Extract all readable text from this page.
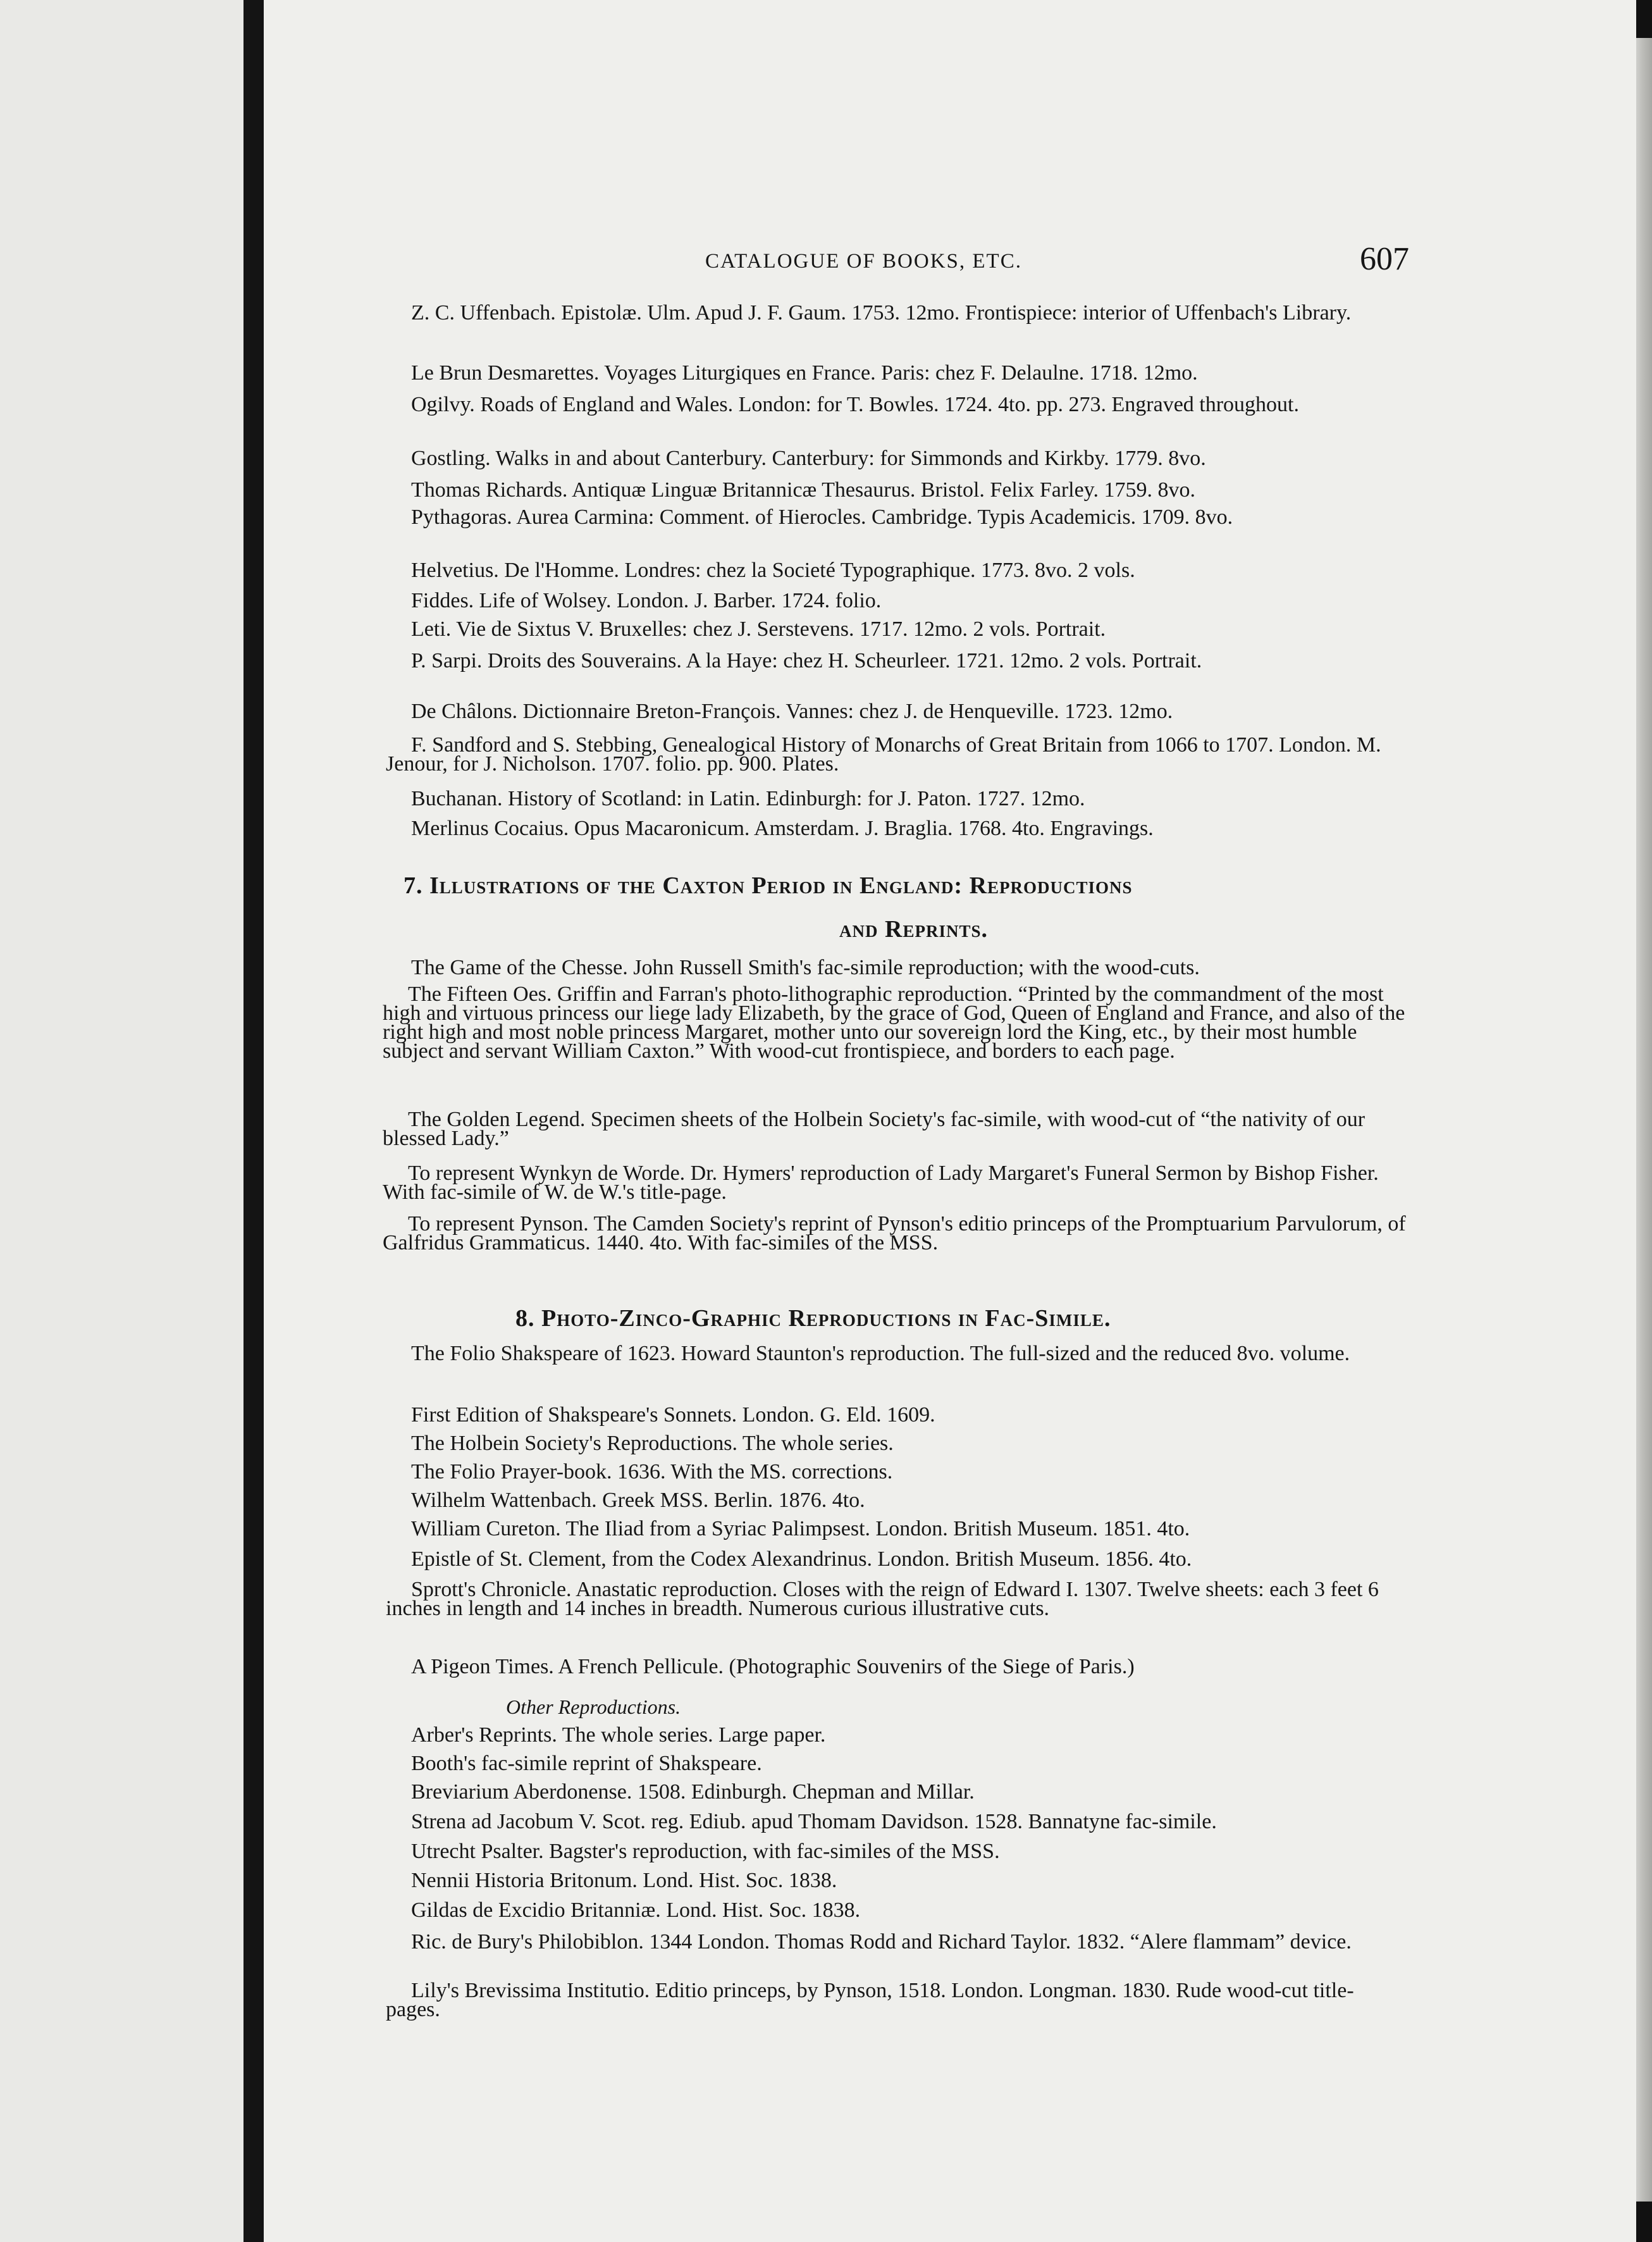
CATALOGUE OF BOOKS, ETC.	607
Z. C. Uffenbach. Epistolæ. Ulm. Apud J. F. Gaum. 1753. 12mo. Frontispiece: interior of Uffenbach's Library.
Le Brun Desmarettes. Voyages Liturgiques en France. Paris: chez F. Delaulne. 1718. 12mo.
Ogilvy. Roads of England and Wales. London: for T. Bowles. 1724. 4to. pp. 273. Engraved throughout.
Gostling. Walks in and about Canterbury. Canterbury: for Simmonds and Kirkby. 1779. 8vo.
Thomas Richards. Antiquæ Linguæ Britannicæ Thesaurus. Bristol. Felix Farley. 1759. 8vo.
Pythagoras. Aurea Carmina: Comment. of Hierocles. Cambridge. Typis Academicis. 1709. 8vo.
Helvetius. De l'Homme. Londres: chez la Societé Typographique. 1773. 8vo. 2 vols.
Fiddes. Life of Wolsey. London. J. Barber. 1724. folio.
Leti. Vie de Sixtus V. Bruxelles: chez J. Serstevens. 1717. 12mo. 2 vols. Portrait.
P. Sarpi. Droits des Souverains. A la Haye: chez H. Scheurleer. 1721. 12mo. 2 vols. Portrait.
De Châlons. Dictionnaire Breton-François. Vannes: chez J. de Henqueville. 1723. 12mo.
F. Sandford and S. Stebbing, Genealogical History of Monarchs of Great Britain from 1066 to 1707. London. M. Jenour, for J. Nicholson. 1707. folio. pp. 900. Plates.
Buchanan. History of Scotland: in Latin. Edinburgh: for J. Paton. 1727. 12mo.
Merlinus Cocaius. Opus Macaronicum. Amsterdam. J. Braglia. 1768. 4to. Engravings.
7. Illustrations of the Caxton Period in England: Reproductions
and Reprints.
The Game of the Chesse. John Russell Smith's fac-simile reproduction; with the wood-cuts.
The Fifteen Oes. Griffin and Farran's photo-lithographic reproduction. “Printed by the commandment of the most high and virtuous princess our liege lady Elizabeth, by the grace of God, Queen of England and France, and also of the right high and most noble princess Margaret, mother unto our sovereign lord the King, etc., by their most humble subject and servant William Caxton.” With wood-cut frontispiece, and borders to each page.
The Golden Legend. Specimen sheets of the Holbein Society's fac-simile, with wood-cut of “the nativity of our blessed Lady.”
To represent Wynkyn de Worde. Dr. Hymers' reproduction of Lady Margaret's Funeral Sermon by Bishop Fisher. With fac-simile of W. de W.'s title-page.
To represent Pynson. The Camden Society's reprint of Pynson's editio princeps of the Promptuarium Parvulorum, of Galfridus Grammaticus. 1440. 4to. With fac-similes of the MSS.
8. Photo-Zinco-Graphic Reproductions in Fac-Simile.
The Folio Shakspeare of 1623. Howard Staunton's reproduction. The full-sized and the reduced 8vo. volume.
First Edition of Shakspeare's Sonnets. London. G. Eld. 1609.
The Holbein Society's Reproductions. The whole series.
The Folio Prayer-book. 1636. With the MS. corrections.
Wilhelm Wattenbach. Greek MSS. Berlin. 1876. 4to.
William Cureton. The Iliad from a Syriac Palimpsest. London. British Museum. 1851. 4to.
Epistle of St. Clement, from the Codex Alexandrinus. London. British Museum. 1856. 4to.
Sprott's Chronicle. Anastatic reproduction. Closes with the reign of Edward I. 1307. Twelve sheets: each 3 feet 6 inches in length and 14 inches in breadth. Numerous curious illustrative cuts.
A Pigeon Times. A French Pellicule. (Photographic Souvenirs of the Siege of Paris.)
Other Reproductions.
Arber's Reprints. The whole series. Large paper.
Booth's fac-simile reprint of Shakspeare.
Breviarium Aberdonense. 1508. Edinburgh. Chepman and Millar.
Strena ad Jacobum V. Scot. reg. Ediub. apud Thomam Davidson. 1528. Bannatyne fac-simile.
Utrecht Psalter. Bagster's reproduction, with fac-similes of the MSS.
Nennii Historia Britonum. Lond. Hist. Soc. 1838.
Gildas de Excidio Britanniæ. Lond. Hist. Soc. 1838.
Ric. de Bury's Philobiblon. 1344 London. Thomas Rodd and Richard Taylor. 1832. “Alere flammam” device.
Lily's Brevissima Institutio. Editio princeps, by Pynson, 1518. London. Longman. 1830. Rude wood-cut title-pages.
